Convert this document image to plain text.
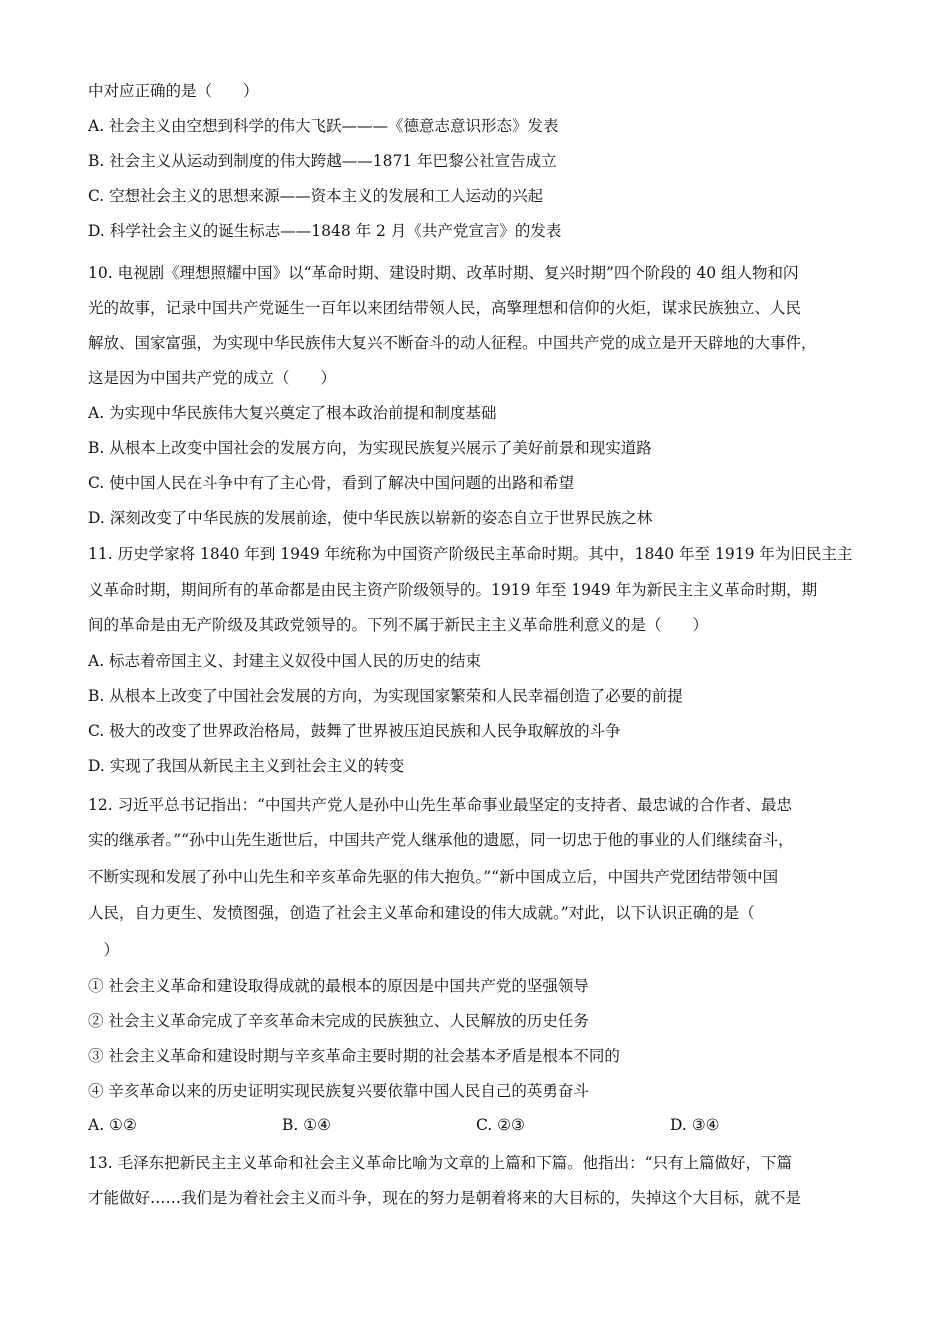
中对应正确的是（　　）
A. 社会主义由空想到科学的伟大飞跃———《德意志意识形态》发表
B. 社会主义从运动到制度的伟大跨越——1871 年巴黎公社宣告成立
C. 空想社会主义的思想来源——资本主义的发展和工人运动的兴起
D. 科学社会主义的诞生标志——1848 年 2 月《共产党宣言》的发表
10. 电视剧《理想照耀中国》以“革命时期、建设时期、改革时期、复兴时期”四个阶段的 40 组人物和闪
光的故事，记录中国共产党诞生一百年以来团结带领人民，高擎理想和信仰的火炬，谋求民族独立、人民
解放、国家富强，为实现中华民族伟大复兴不断奋斗的动人征程。中国共产党的成立是开天辟地的大事件，
这是因为中国共产党的成立（　　）
A. 为实现中华民族伟大复兴奠定了根本政治前提和制度基础
B. 从根本上改变中国社会的发展方向，为实现民族复兴展示了美好前景和现实道路
C. 使中国人民在斗争中有了主心骨，看到了解决中国问题的出路和希望
D. 深刻改变了中华民族的发展前途，使中华民族以崭新的姿态自立于世界民族之林
11. 历史学家将 1840 年到 1949 年统称为中国资产阶级民主革命时期。其中，1840 年至 1919 年为旧民主主
义革命时期，期间所有的革命都是由民主资产阶级领导的。1919 年至 1949 年为新民主主义革命时期，期
间的革命是由无产阶级及其政党领导的。下列不属于新民主主义革命胜利意义的是（　　）
A. 标志着帝国主义、封建主义奴役中国人民的历史的结束
B. 从根本上改变了中国社会发展的方向，为实现国家繁荣和人民幸福创造了必要的前提
C. 极大的改变了世界政治格局，鼓舞了世界被压迫民族和人民争取解放的斗争
D. 实现了我国从新民主主义到社会主义的转变
12. 习近平总书记指出：“中国共产党人是孙中山先生革命事业最坚定的支持者、最忠诚的合作者、最忠
实的继承者。”“孙中山先生逝世后，中国共产党人继承他的遗愿，同一切忠于他的事业的人们继续奋斗，
不断实现和发展了孙中山先生和辛亥革命先驱的伟大抱负。”“新中国成立后，中国共产党团结带领中国
人民，自力更生、发愤图强，创造了社会主义革命和建设的伟大成就。”对此，以下认识正确的是（
　）
① 社会主义革命和建设取得成就的最根本的原因是中国共产党的坚强领导
② 社会主义革命完成了辛亥革命未完成的民族独立、人民解放的历史任务
③ 社会主义革命和建设时期与辛亥革命主要时期的社会基本矛盾是根本不同的
④ 辛亥革命以来的历史证明实现民族复兴要依靠中国人民自己的英勇奋斗
A. ①②	B. ①④	C. ②③	D. ③④
13. 毛泽东把新民主主义革命和社会主义革命比喻为文章的上篇和下篇。他指出：“只有上篇做好，下篇
才能做好……我们是为着社会主义而斗争，现在的努力是朝着将来的大目标的，失掉这个大目标，就不是
